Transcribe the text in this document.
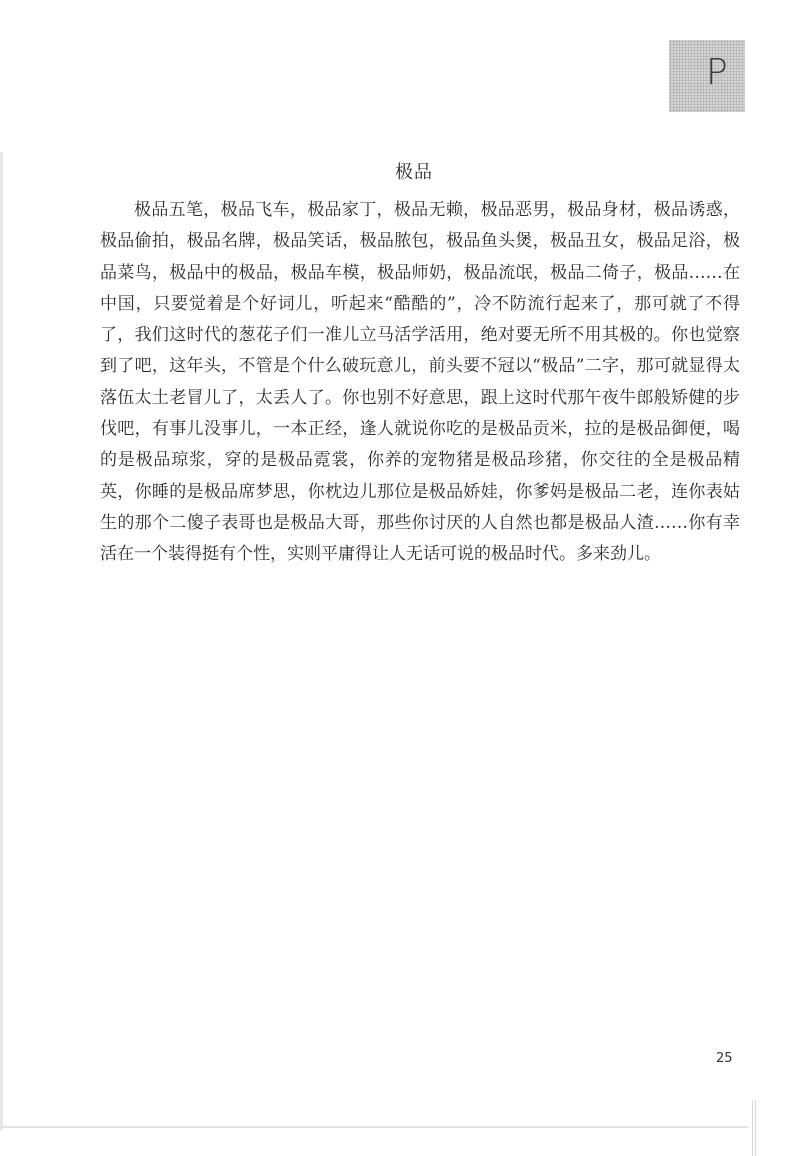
P
极品

极品五笔，极品飞车，极品家丁，极品无赖，极品恶男，极品身材，极品诱惑，极品偷拍，极品名牌，极品笑话，极品脓包，极品鱼头煲，极品丑女，极品足浴，极品菜鸟，极品中的极品，极品车模，极品师奶，极品流氓，极品二倚子，极品……在中国，只要觉着是个好词儿，听起来“酷酷的”，冷不防流行起来了，那可就了不得了，我们这时代的葱花子们一准儿立马活学活用，绝对要无所不用其极的。你也觉察到了吧，这年头，不管是个什么破玩意儿，前头要不冠以“极品”二字，那可就显得太落伍太土老冒儿了，太丢人了。你也别不好意思，跟上这时代那午夜牛郎般矫健的步伐吧，有事儿没事儿，一本正经，逢人就说你吃的是极品贡米，拉的是极品御便，喝的是极品琼浆，穿的是极品霓裳，你养的宠物猪是极品珍猪，你交往的全是极品精英，你睡的是极品席梦思，你枕边儿那位是极品娇娃，你爹妈是极品二老，连你表姑生的那个二傻子表哥也是极品大哥，那些你讨厌的人自然也都是极品人渣……你有幸活在一个装得挺有个性，实则平庸得让人无话可说的极品时代。多来劲儿。

25
